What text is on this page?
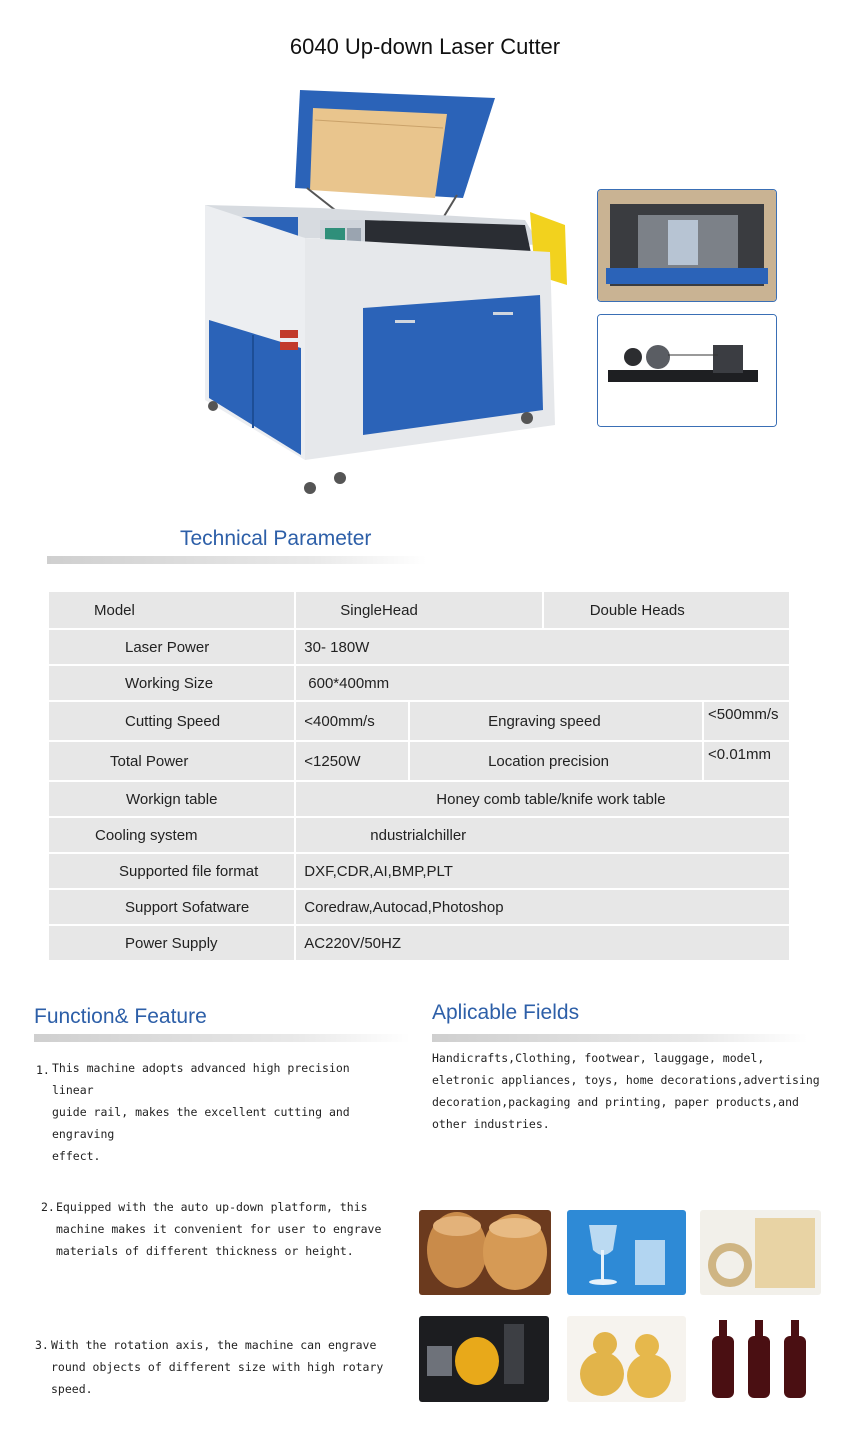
6040 Up-down Laser Cutter
Technical Parameter
Model	SingleHead		Double Heads	
Laser Power	30- 180W			
Working Size	600*400mm			
Cutting Speed	<400mm/s	Engraving speed		<500mm/s
Total Power	<1250W	Location precision		<0.01mm
Workign table	Honey comb table/knife work table			
Cooling system	ndustrialchiller			
Supported file format	DXF,CDR,AI,BMP,PLT			
Support Sofatware	Coredraw,Autocad,Photoshop			
Power Supply	AC220V/50HZ			
Function& Feature	Aplicable Fields
1. This machine adopts advanced high precision linear
guide rail, makes the excellent cutting and engraving
effect.
2. Equipped with the auto up-down platform, this
machine makes it convenient for user to engrave
materials of different thickness or height.
3. With the rotation axis, the machine can engrave
round objects of different size with high rotary speed.
Handicrafts,Clothing, footwear, lauggage, model,
eletronic appliances, toys, home decorations,advertising
decoration,packaging and printing, paper products,and
other industries.
